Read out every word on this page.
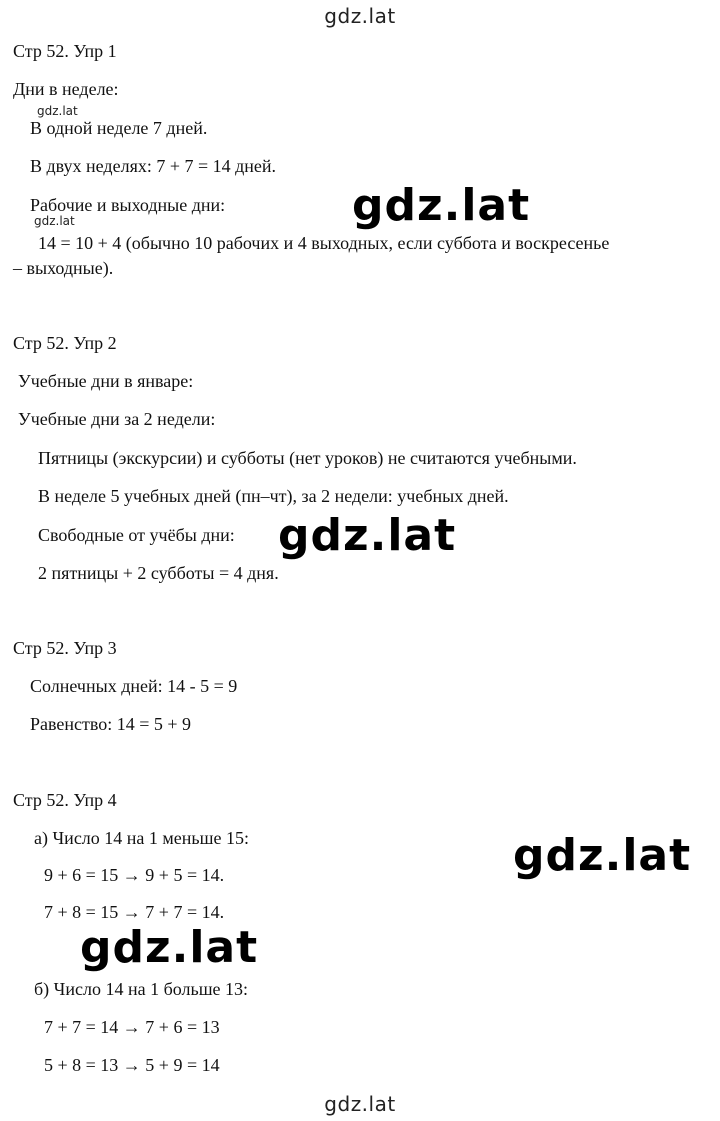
gdz.lat
gdz.lat
gdz.lat	gdz.lat
gdz.lat
gdz.lat
gdz.lat
gdz.lat
Стр 52. Упр 1
Дни в неделе:
В одной неделе 7 дней.
В двух неделях: 7 + 7 = 14 дней.
Рабочие и выходные дни:
14 = 10 + 4 (обычно 10 рабочих и 4 выходных, если суббота и воскресенье
– выходные).
Стр 52. Упр 2
Учебные дни в январе:
Учебные дни за 2 недели:
Пятницы (экскурсии) и субботы (нет уроков) не считаются учебными.
В неделе 5 учебных дней (пн–чт), за 2 недели: учебных дней.
Свободные от учёбы дни:
2 пятницы + 2 субботы = 4 дня.
Стр 52. Упр 3
Солнечных дней: 14 - 5 = 9
Равенство: 14 = 5 + 9
Стр 52. Упр 4
а) Число 14 на 1 меньше 15:
9 + 6 = 15 → 9 + 5 = 14.
7 + 8 = 15 → 7 + 7 = 14.
б) Число 14 на 1 больше 13:
7 + 7 = 14 → 7 + 6 = 13
5 + 8 = 13 → 5 + 9 = 14
